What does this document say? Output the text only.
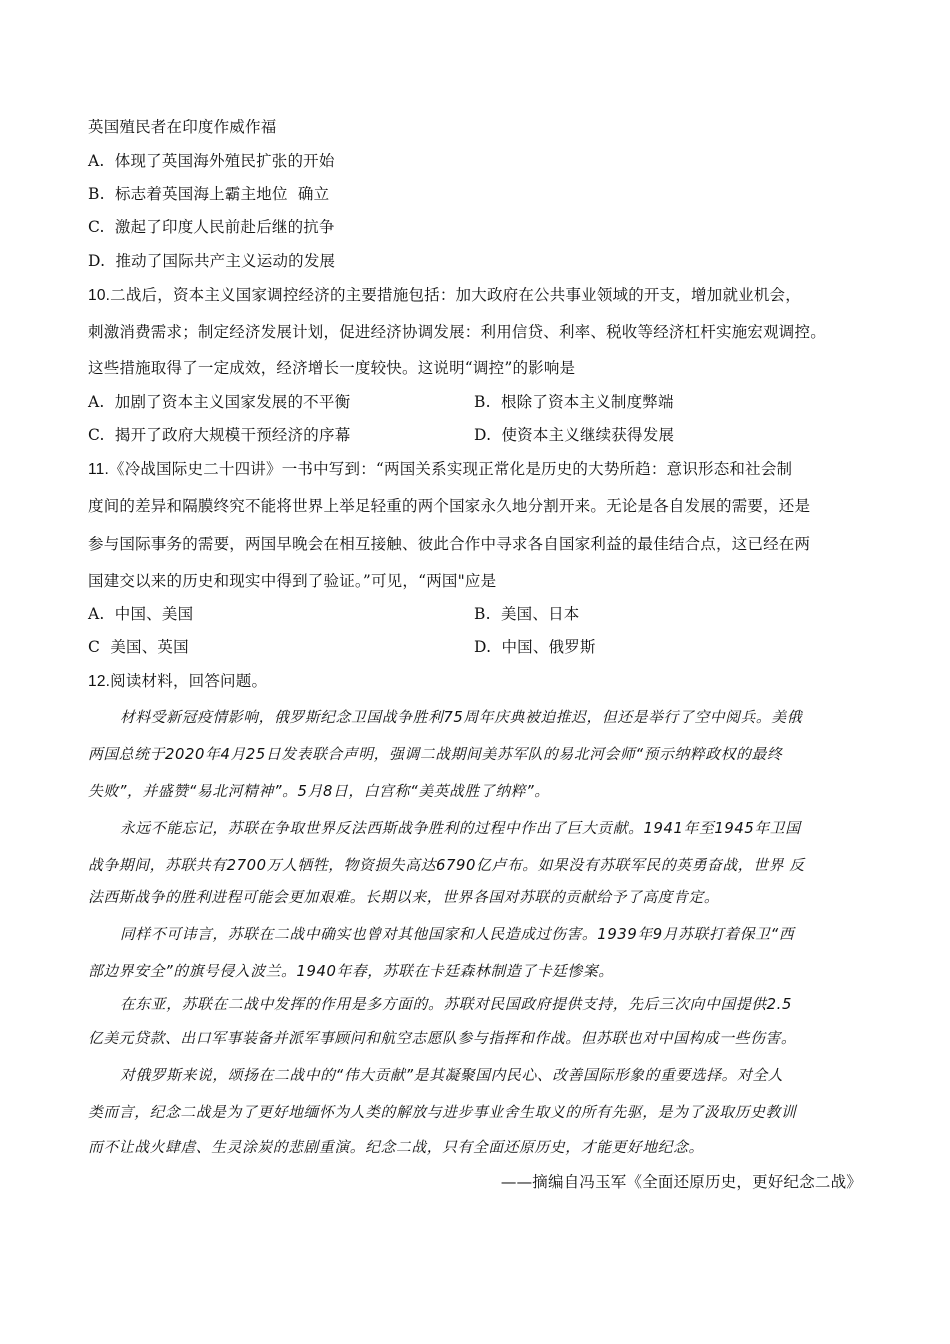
英国殖民者在印度作威作福
A.  体现了英国海外殖民扩张的开始
B.  标志着英国海上霸主地位  确立
C.  激起了印度人民前赴后继的抗争
D.  推动了国际共产主义运动的发展
10.二战后，资本主义国家调控经济的主要措施包括：加大政府在公共事业领域的开支，增加就业机会，
刺激消费需求；制定经济发展计划，促进经济协调发展：利用信贷、利率、税收等经济杠杆实施宏观调控。
这些措施取得了一定成效，经济增长一度较快。这说明“调控”的影响是
A.  加剧了资本主义国家发展的不平衡	B.  根除了资本主义制度弊端
C.  揭开了政府大规模干预经济的序幕	D.  使资本主义继续获得发展
11.《冷战国际史二十四讲》一书中写到：“两国关系实现正常化是历史的大势所趋：意识形态和社会制
度间的差异和隔膜终究不能将世界上举足轻重的两个国家永久地分割开来。无论是各自发展的需要，还是
参与国际事务的需要，两国早晚会在相互接触、彼此合作中寻求各自国家利益的最佳结合点，这已经在两
国建交以来的历史和现实中得到了验证。”可见，“两国"应是
A.  中国、美国	B.  美国、日本
C  美国、英国	D.  中国、俄罗斯
12.阅读材料，回答问题。
材料受新冠疫情影响，俄罗斯纪念卫国战争胜利75周年庆典被迫推迟，但还是举行了空中阅兵。美俄
两国总统于2020年4月25日发表联合声明，强调二战期间美苏军队的易北河会师“预示纳粹政权的最终
失败”，并盛赞“易北河精神”。5月8日，白宫称“美英战胜了纳粹”。
永远不能忘记，苏联在争取世界反法西斯战争胜利的过程中作出了巨大贡献。1941年至1945年卫国
战争期间，苏联共有2700万人牺牲，物资损失高达6790亿卢布。如果没有苏联军民的英勇奋战，世界 反
法西斯战争的胜利进程可能会更加艰难。长期以来，世界各国对苏联的贡献给予了高度肯定。
同样不可讳言，苏联在二战中确实也曾对其他国家和人民造成过伤害。1939年9月苏联打着保卫“西
部边界安全”的旗号侵入波兰。1940年春，苏联在卡廷森林制造了卡廷惨案。
在东亚，苏联在二战中发挥的作用是多方面的。苏联对民国政府提供支持，先后三次向中国提供2.5
亿美元贷款、出口军事装备并派军事顾问和航空志愿队参与指挥和作战。但苏联也对中国构成一些伤害。
对俄罗斯来说，颂扬在二战中的“伟大贡献”是其凝聚国内民心、改善国际形象的重要选择。对全人
类而言，纪念二战是为了更好地缅怀为人类的解放与进步事业舍生取义的所有先驱，是为了汲取历史教训
而不让战火肆虐、生灵涂炭的悲剧重演。纪念二战，只有全面还原历史，才能更好地纪念。
——摘编自冯玉军《全面还原历史，更好纪念二战》
